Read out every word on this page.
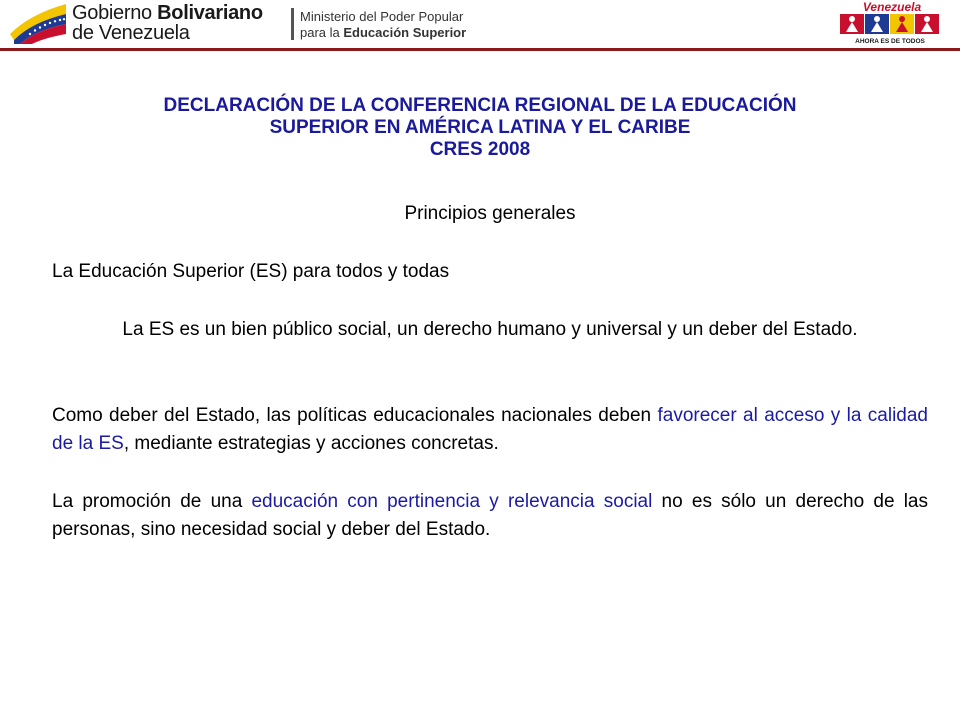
Gobierno Bolivariano
de Venezuela
Ministerio del Poder Popular
para la Educación Superior
Venezuela
AHORA ES DE TODOS
DECLARACIÓN DE LA CONFERENCIA REGIONAL DE LA EDUCACIÓN
SUPERIOR EN AMÉRICA LATINA Y EL CARIBE
CRES 2008
Principios generales
La Educación Superior (ES) para todos y todas
La ES es un bien público social, un derecho humano y universal y un deber del Estado.
Como deber del Estado, las políticas educacionales nacionales deben favorecer al acceso y la calidad de la ES, mediante estrategias y acciones concretas.
La promoción de una educación con pertinencia y relevancia social no es sólo un derecho de las personas, sino necesidad social y deber del Estado.
